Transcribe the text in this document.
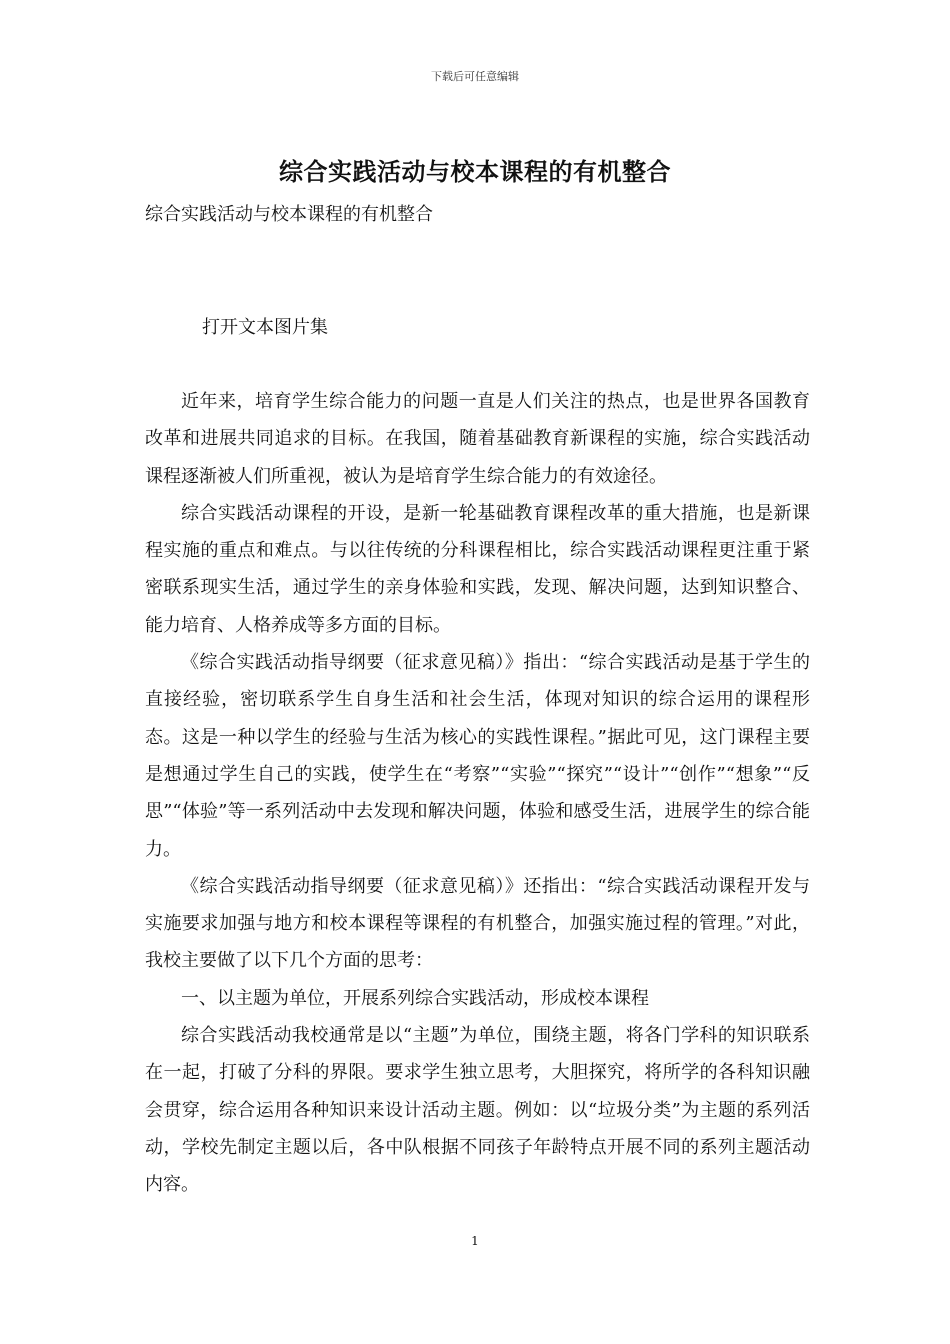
下载后可任意编辑
综合实践活动与校本课程的有机整合
综合实践活动与校本课程的有机整合
打开文本图片集

近年来，培育学生综合能力的问题一直是人们关注的热点，也是世界各国教育改革和进展共同追求的目标。在我国，随着基础教育新课程的实施，综合实践活动课程逐渐被人们所重视，被认为是培育学生综合能力的有效途径。

综合实践活动课程的开设，是新一轮基础教育课程改革的重大措施，也是新课程实施的重点和难点。与以往传统的分科课程相比，综合实践活动课程更注重于紧密联系现实生活，通过学生的亲身体验和实践，发现、解决问题，达到知识整合、能力培育、人格养成等多方面的目标。

《综合实践活动指导纲要（征求意见稿）》指出：“综合实践活动是基于学生的直接经验，密切联系学生自身生活和社会生活，体现对知识的综合运用的课程形态。这是一种以学生的经验与生活为核心的实践性课程。”据此可见，这门课程主要是想通过学生自己的实践，使学生在“考察”“实验”“探究”“设计”“创作”“想象”“反思”“体验”等一系列活动中去发现和解决问题，体验和感受生活，进展学生的综合能力。

《综合实践活动指导纲要（征求意见稿）》还指出：“综合实践活动课程开发与实施要求加强与地方和校本课程等课程的有机整合，加强实施过程的管理。”对此，我校主要做了以下几个方面的思考：

一、以主题为单位，开展系列综合实践活动，形成校本课程

综合实践活动我校通常是以“主题”为单位，围绕主题，将各门学科的知识联系在一起，打破了分科的界限。要求学生独立思考，大胆探究，将所学的各科知识融会贯穿，综合运用各种知识来设计活动主题。例如：以“垃圾分类”为主题的系列活动，学校先制定主题以后，各中队根据不同孩子年龄特点开展不同的系列主题活动内容。

1
